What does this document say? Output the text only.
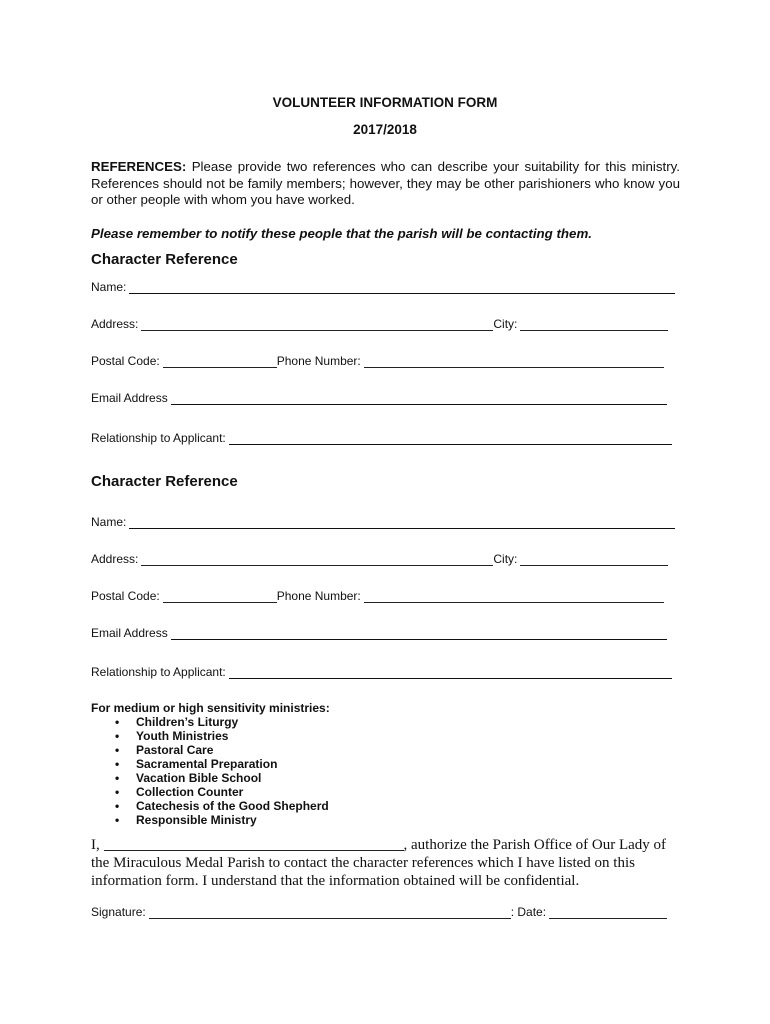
VOLUNTEER INFORMATION FORM
2017/2018
REFERENCES: Please provide two references who can describe your suitability for this ministry. References should not be family members; however, they may be other parishioners who know you or other people with whom you have worked.
Please remember to notify these people that the parish will be contacting them.
Character Reference
Name:
Address:	City:
Postal Code:	Phone Number:
Email Address
Relationship to Applicant:
Character Reference
Name:
Address:	City:
Postal Code:	Phone Number:
Email Address
Relationship to Applicant:
For medium or high sensitivity ministries:
• Children’s Liturgy
• Youth Ministries
• Pastoral Care
• Sacramental Preparation
• Vacation Bible School
• Collection Counter
• Catechesis of the Good Shepherd
• Responsible Ministry
I,	, authorize the Parish Office of Our Lady of the Miraculous Medal Parish to contact the character references which I have listed on this information form. I understand that the information obtained will be confidential.
Signature:	: Date:
